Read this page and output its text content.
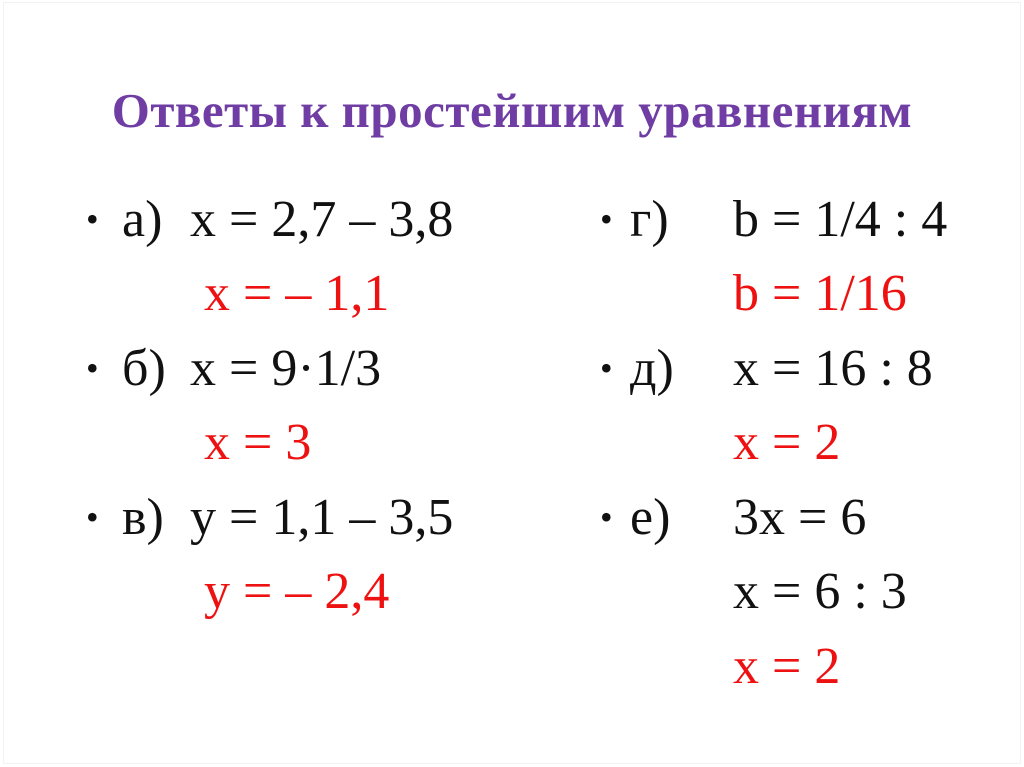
Ответы к простейшим уравнениям
• а) х = 2,7 – 3,8
х = – 1,1
• б) х = 9·1/3
х = 3
• в) у = 1,1 – 3,5
у = – 2,4
• г)	b = 1/4 : 4
b = 1/16
• д)	х = 16 : 8
х = 2
• е)	3х = 6
х = 6 : 3
х = 2
